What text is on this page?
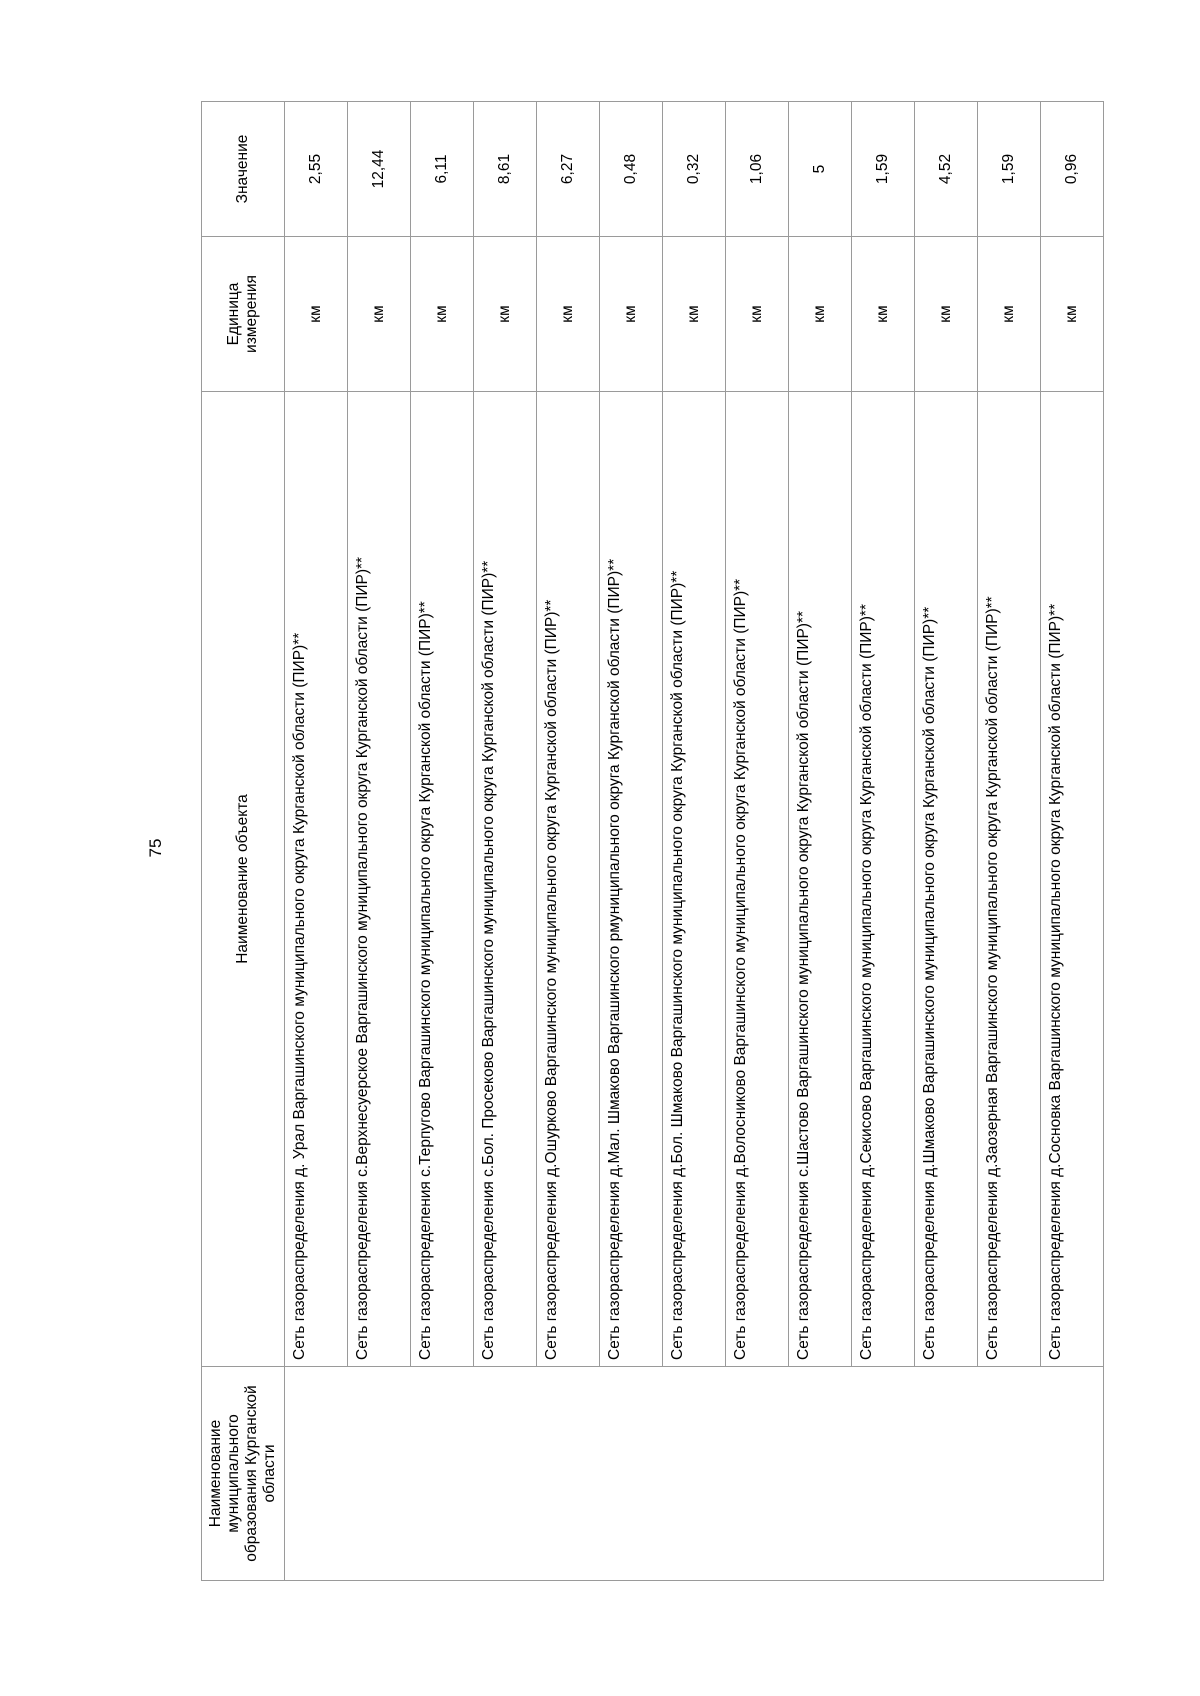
75
Наименование муниципального образования Курганской области	Наименование объекта	Единица измерения	Значение
	Сеть газораспределения д. Урал Варгашинского муниципального округа Курганской области (ПИР)**	км	2,55
	Сеть газораспределения с.Верхнесуерское Варгашинского муниципального округа Курганской области (ПИР)**	км	12,44
	Сеть газораспределения с.Терпугово Варгашинского муниципального округа Курганской области (ПИР)**	км	6,11
	Сеть газораспределения с.Бол. Просеково Варгашинского муниципального округа Курганской области (ПИР)**	км	8,61
	Сеть газораспределения д.Ошурково Варгашинского муниципального округа Курганской области (ПИР)**	км	6,27
	Сеть газораспределения д.Мал. Шмаково Варгашинского рмуниципального округа Курганской области (ПИР)**	км	0,48
	Сеть газораспределения д.Бол. Шмаково Варгашинского муниципального округа Курганской области (ПИР)**	км	0,32
	Сеть газораспределения д.Волосниково Варгашинского муниципального округа Курганской области (ПИР)**	км	1,06
	Сеть газораспределения с.Шастово Варгашинского муниципального округа Курганской области (ПИР)**	км	5
	Сеть газораспределения д.Секисово Варгашинского муниципального округа Курганской области (ПИР)**	км	1,59
	Сеть газораспределения д.Шмаково Варгашинского муниципального округа Курганской области (ПИР)**	км	4,52
	Сеть газораспределения д.Заозерная Варгашинского муниципального округа Курганской области (ПИР)**	км	1,59
	Сеть газораспределения д.Сосновка Варгашинского муниципального округа Курганской области (ПИР)**	км	0,96
